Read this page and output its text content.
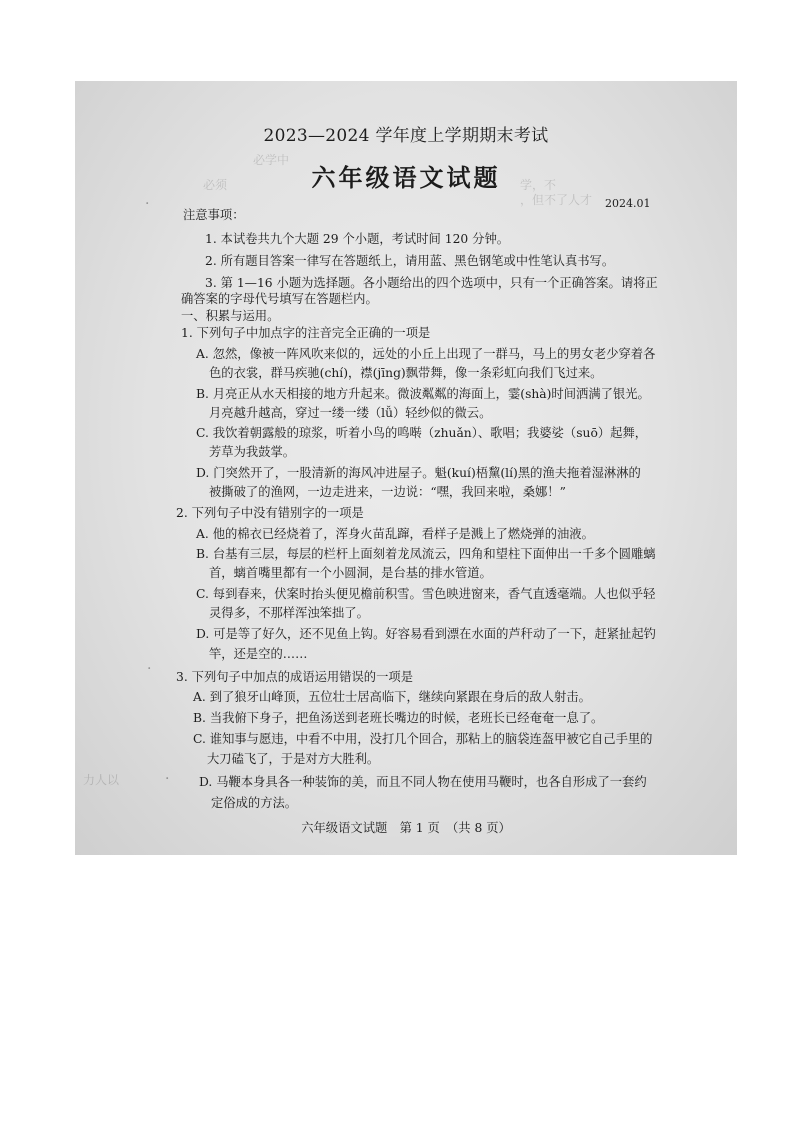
必学中
必须	学，不
，但不了人才
力人以
·
·
·
2023—2024 学年度上学期期末考试
六年级语文试题
2024.01
注意事项：
1. 本试卷共九个大题 29 个小题，考试时间 120 分钟。
2. 所有题目答案一律写在答题纸上，请用蓝、黑色钢笔或中性笔认真书写。
3. 第 1—16 小题为选择题。各小题给出的四个选项中，只有一个正确答案。请将正
确答案的字母代号填写在答题栏内。
一、积累与运用。
1. 下列句子中加点字的注音完全正确的一项是
A. 忽然，像被一阵风吹来似的，远处的小丘上出现了一群马，马上的男女老少穿着各
色的衣裳，群马疾驰(chí)，襟(jīng)飘带舞，像一条彩虹向我们飞过来。
B. 月亮正从水天相接的地方升起来。微波粼粼的海面上，霎(shà)时间洒满了银光。
月亮越升越高，穿过一缕一缕（lǚ）轻纱似的微云。
C. 我饮着朝露般的琼浆，听着小鸟的鸣啭（zhuǎn）、歌唱；我婆娑（suō）起舞，
芳草为我鼓掌。
D. 门突然开了，一股清新的海风冲进屋子。魁(kuí)梧黧(lí)黑的渔夫拖着湿淋淋的
被撕破了的渔网，一边走进来，一边说：“嘿，我回来啦，桑娜！”
2. 下列句子中没有错别字的一项是
A. 他的棉衣已经烧着了，浑身火苗乱蹿，看样子是溅上了燃烧弹的油液。
B. 台基有三层，每层的栏杆上面刻着龙凤流云，四角和望柱下面伸出一千多个圆雕螭
首，螭首嘴里都有一个小圆洞，是台基的排水管道。
C. 每到春来，伏案时抬头便见檐前积雪。雪色映进窗来，香气直透毫端。人也似乎轻
灵得多，不那样浑浊笨拙了。
D. 可是等了好久，还不见鱼上钩。好容易看到漂在水面的芦秆动了一下，赶紧扯起钓
竿，还是空的……
3. 下列句子中加点的成语运用错误的一项是
A. 到了狼牙山峰顶，五位壮士居高临下，继续向紧跟在身后的敌人射击。
B. 当我俯下身子，把鱼汤送到老班长嘴边的时候，老班长已经奄奄一息了。
C. 谁知事与愿违，中看不中用，没打几个回合，那粘上的脑袋连盔甲被它自己手里的
大刀磕飞了，于是对方大胜利。
D. 马鞭本身具各一种装饰的美，而且不同人物在使用马鞭时，也各自形成了一套约
定俗成的方法。
六年级语文试题　第 1 页　（共 8 页）
